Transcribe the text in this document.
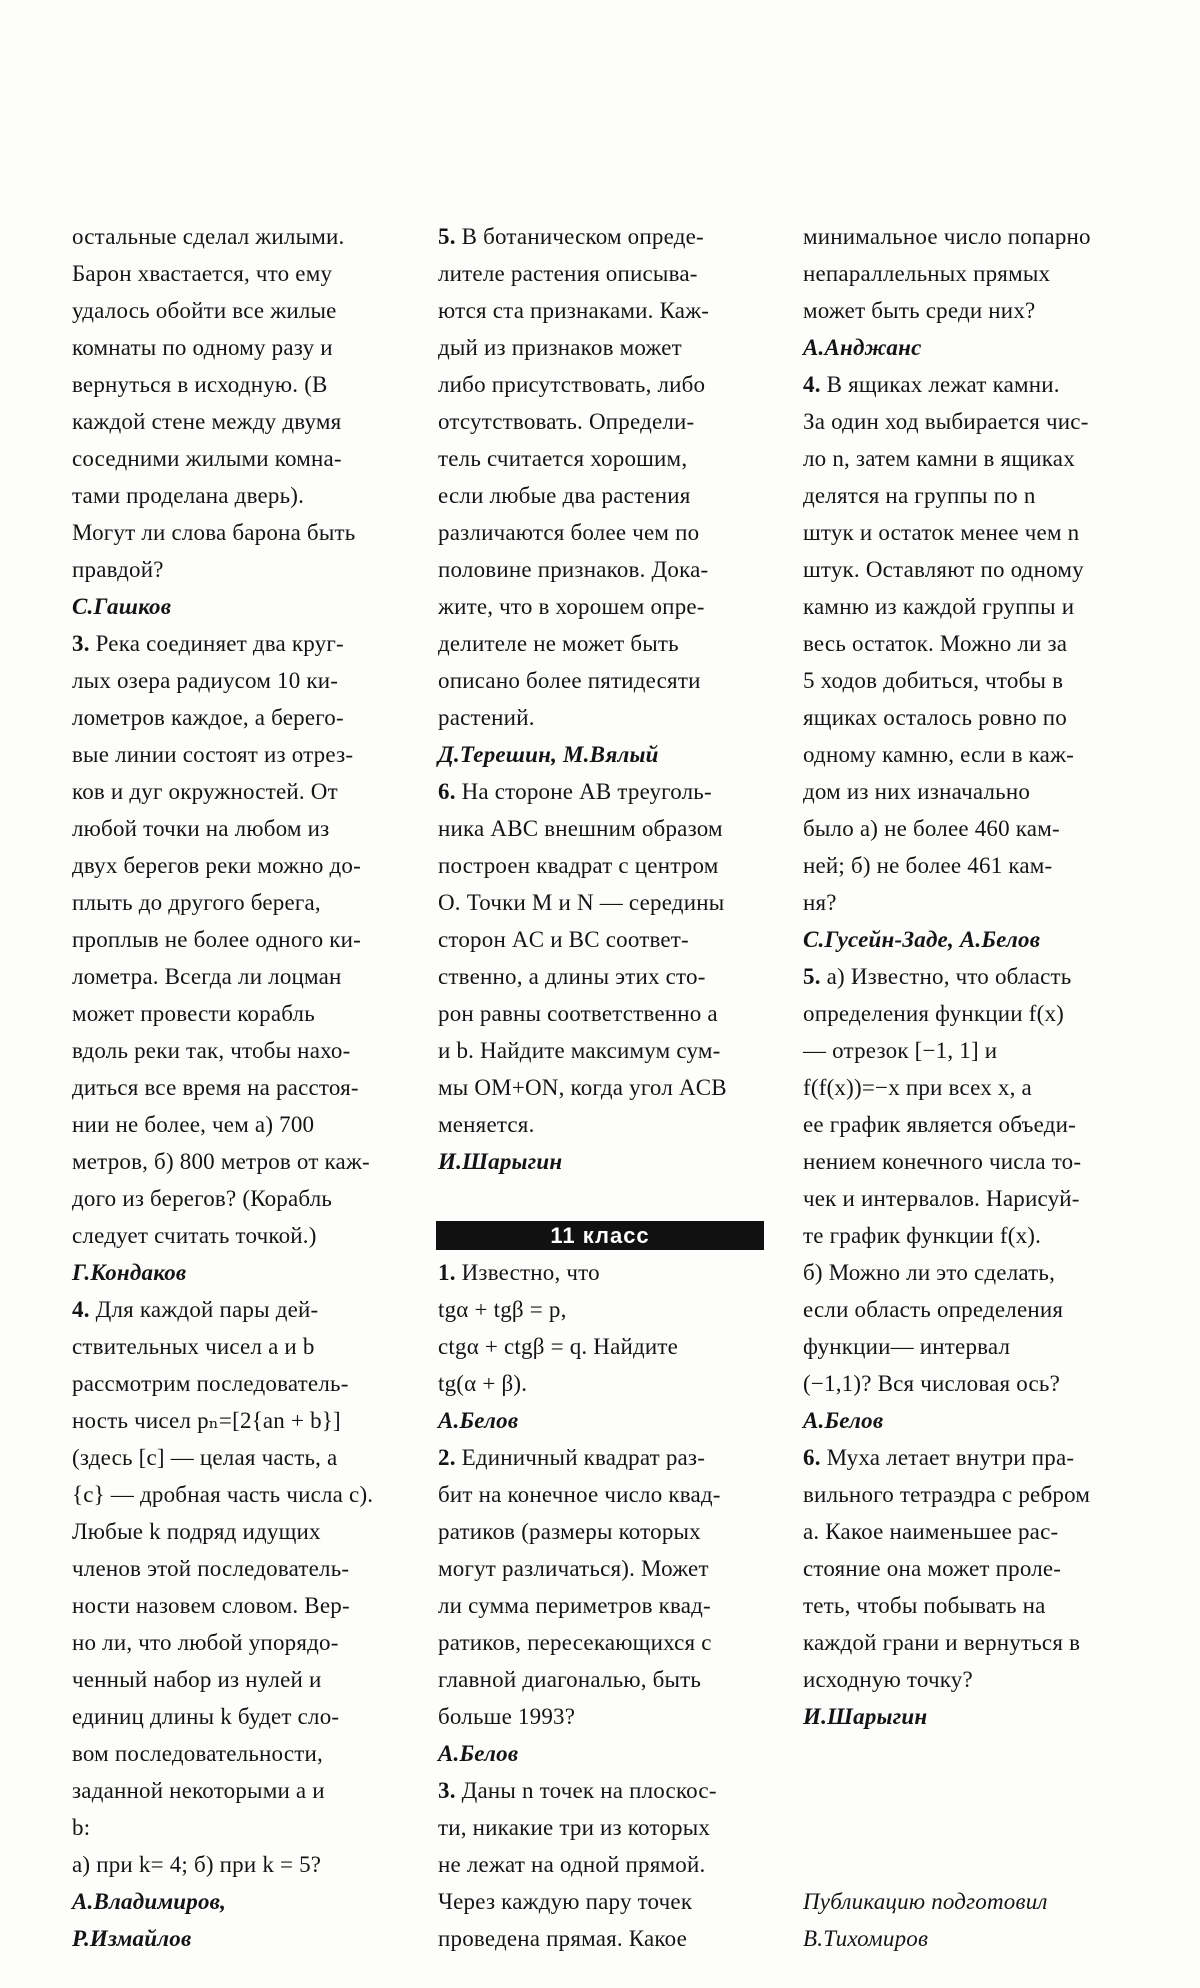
остальные сделал жилыми.
Барон хвастается, что ему
удалось обойти все жилые
комнаты по одному разу и
вернуться в исходную. (В
каждой стене между двумя
соседними жилыми комна-
тами проделана дверь).
Могут ли слова барона быть
правдой?
С.Гашков
3. Река соединяет два круг-
лых озера радиусом 10 ки-
лометров каждое, а берего-
вые линии состоят из отрез-
ков и дуг окружностей. От
любой точки на любом из
двух берегов реки можно до-
плыть до другого берега,
проплыв не более одного ки-
лометра. Всегда ли лоцман
может провести корабль
вдоль реки так, чтобы нахо-
диться все время на расстоя-
нии не более, чем а) 700
метров, б) 800 метров от каж-
дого из берегов? (Корабль
следует считать точкой.)
Г.Кондаков
4. Для каждой пары дей-
ствительных чисел a и b
рассмотрим последователь-
ность чисел pₙ=[2{an + b}]
(здесь [c] — целая часть, а
{c} — дробная часть числа c).
Любые k подряд идущих
членов этой последователь-
ности назовем словом. Вер-
но ли, что любой упорядо-
ченный набор из нулей и
единиц длины k будет сло-
вом последовательности,
заданной некоторыми a и
b:
а) при k= 4; б) при k = 5?
А.Владимиров,
Р.Измайлов
5. В ботаническом опреде-
лителе растения описыва-
ются ста признаками. Каж-
дый из признаков может
либо присутствовать, либо
отсутствовать. Определи-
тель считается хорошим,
если любые два растения
различаются более чем по
половине признаков. Дока-
жите, что в хорошем опре-
делителе не может быть
описано более пятидесяти
растений.
Д.Терешин, М.Вялый
6. На стороне AB треуголь-
ника ABC внешним образом
построен квадрат с центром
O. Точки M и N — середины
сторон AC и BC соответ-
ственно, а длины этих сто-
рон равны соответственно a
и b. Найдите максимум сум-
мы OM+ON, когда угол ACB
меняется.
И.Шарыгин
11 класс
1. Известно, что
tgα + tgβ = p,
ctgα + ctgβ = q. Найдите
tg(α + β).
А.Белов
2. Единичный квадрат раз-
бит на конечное число квад-
ратиков (размеры которых
могут различаться). Может
ли сумма периметров квад-
ратиков, пересекающихся с
главной диагональю, быть
больше 1993?
А.Белов
3. Даны n точек на плоскос-
ти, никакие три из которых
не лежат на одной прямой.
Через каждую пару точек
проведена прямая. Какое
минимальное число попарно
непараллельных прямых
может быть среди них?
А.Анджанс
4. В ящиках лежат камни.
За один ход выбирается чис-
ло n, затем камни в ящиках
делятся на группы по n
штук и остаток менее чем n
штук. Оставляют по одному
камню из каждой группы и
весь остаток. Можно ли за
5 ходов добиться, чтобы в
ящиках осталось ровно по
одному камню, если в каж-
дом из них изначально
было а) не более 460 кам-
ней; б) не более 461 кам-
ня?
С.Гусейн-Заде, А.Белов
5. а) Известно, что область
определения функции f(x)
— отрезок [−1, 1] и
f(f(x))=−x при всех x, а
ее график является объеди-
нением конечного числа то-
чек и интервалов. Нарисуй-
те график функции f(x).
б) Можно ли это сделать,
если область определения
функции— интервал
(−1,1)? Вся числовая ось?
А.Белов
6. Муха летает внутри пра-
вильного тетраэдра с ребром
a. Какое наименьшее рас-
стояние она может проле-
теть, чтобы побывать на
каждой грани и вернуться в
исходную точку?
И.Шарыгин
Публикацию подготовил
В.Тихомиров
